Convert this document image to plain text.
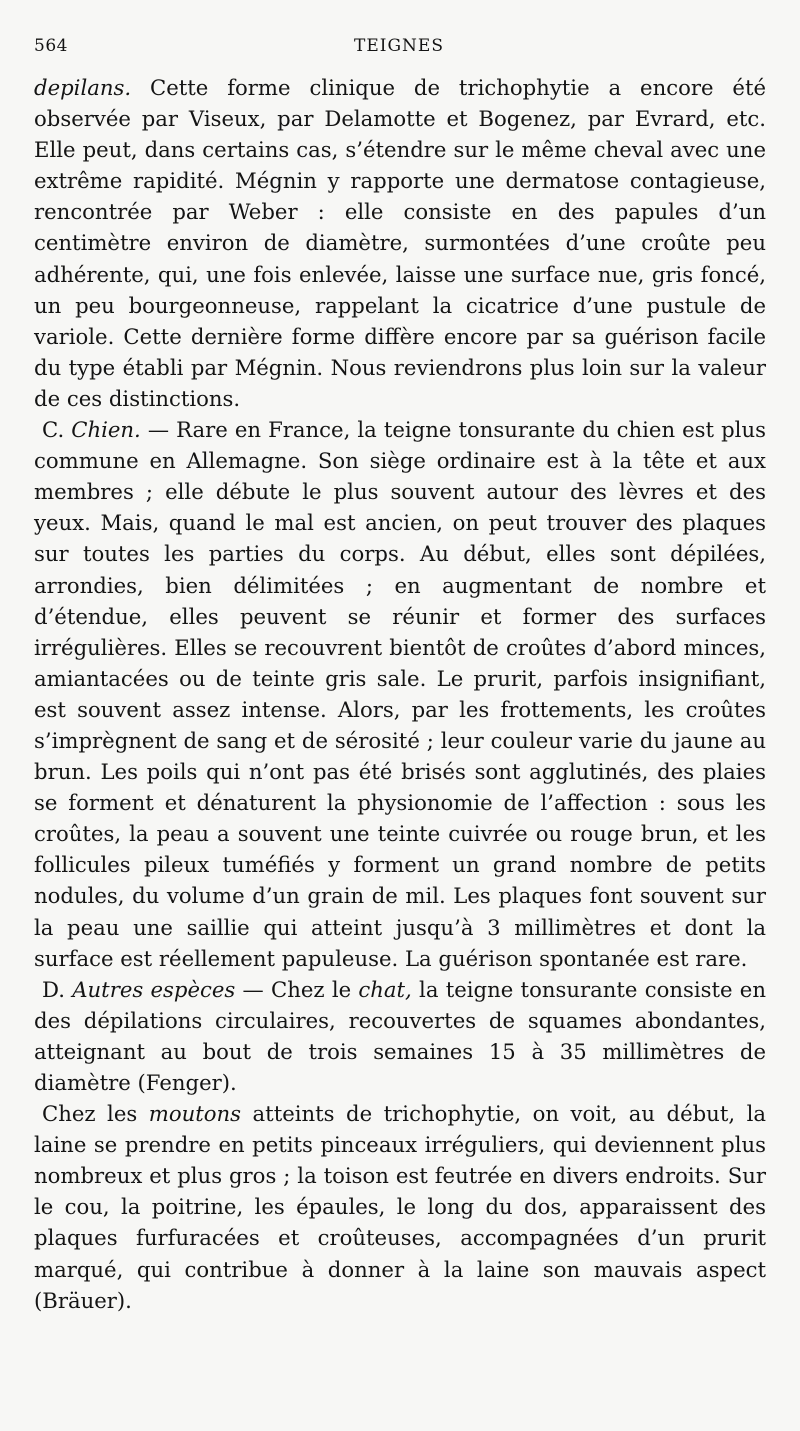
564	TEIGNES

depilans. Cette forme clinique de trichophytie a encore été observée par Viseux, par Delamotte et Bogenez, par Evrard, etc. Elle peut, dans certains cas, s’étendre sur le même cheval avec une extrême rapidité. Mégnin y rapporte une dermatose contagieuse, rencontrée par Weber : elle consiste en des papules d’un centimètre environ de diamètre, surmontées d’une croûte peu adhérente, qui, une fois enlevée, laisse une surface nue, gris foncé, un peu bourgeonneuse, rappelant la cicatrice d’une pustule de variole. Cette dernière forme diffère encore par sa guérison facile du type établi par Mégnin. Nous reviendrons plus loin sur la valeur de ces distinctions.

C. Chien. — Rare en France, la teigne tonsurante du chien est plus commune en Allemagne. Son siège ordinaire est à la tête et aux membres ; elle débute le plus souvent autour des lèvres et des yeux. Mais, quand le mal est ancien, on peut trouver des plaques sur toutes les parties du corps. Au début, elles sont dépilées, arrondies, bien délimitées ; en augmentant de nombre et d’étendue, elles peuvent se réunir et former des surfaces irrégulières. Elles se recouvrent bientôt de croûtes d’abord minces, amiantacées ou de teinte gris sale. Le prurit, parfois insignifiant, est souvent assez intense. Alors, par les frottements, les croûtes s’imprègnent de sang et de sérosité ; leur couleur varie du jaune au brun. Les poils qui n’ont pas été brisés sont agglutinés, des plaies se forment et dénaturent la physionomie de l’affection : sous les croûtes, la peau a souvent une teinte cuivrée ou rouge brun, et les follicules pileux tuméfiés y forment un grand nombre de petits nodules, du volume d’un grain de mil. Les plaques font souvent sur la peau une saillie qui atteint jusqu’à 3 millimètres et dont la surface est réellement papuleuse. La guérison spontanée est rare.

D. Autres espèces — Chez le chat, la teigne tonsurante consiste en des dépilations circulaires, recouvertes de squames abondantes, atteignant au bout de trois semaines 15 à 35 millimètres de diamètre (Fenger).

Chez les moutons atteints de trichophytie, on voit, au début, la laine se prendre en petits pinceaux irréguliers, qui deviennent plus nombreux et plus gros ; la toison est feutrée en divers endroits. Sur le cou, la poitrine, les épaules, le long du dos, apparaissent des plaques furfuracées et croûteuses, accompagnées d’un prurit marqué, qui contribue à donner à la laine son mauvais aspect (Bräuer).
